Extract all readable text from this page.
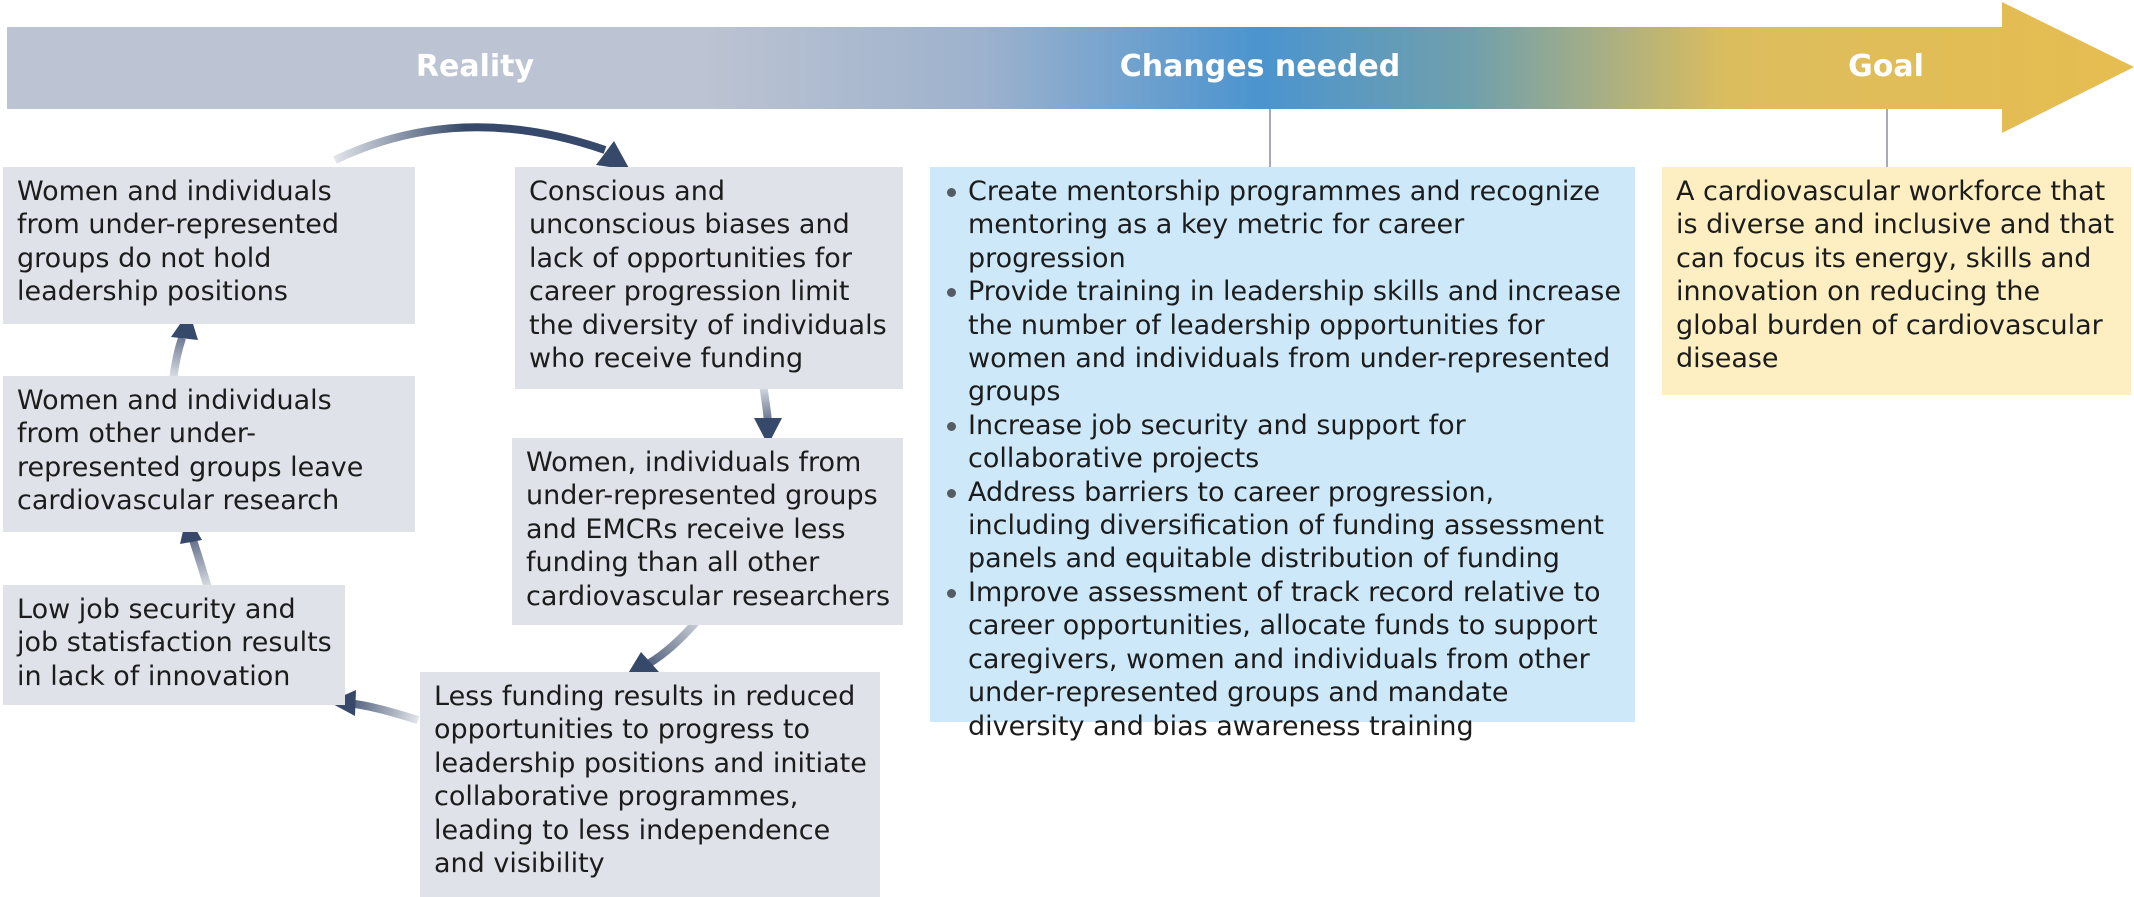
Reality	Changes needed	Goal
Women and individuals from under-represented groups do not hold leadership positions
Conscious and unconscious biases and lack of opportunities for career progression limit the diversity of individuals who receive funding
Women, individuals from under-represented groups and EMCRs receive less funding than all other cardiovascular researchers
Less funding results in reduced opportunities to progress to leadership positions and initiate collaborative programmes, leading to less independence and visibility
Low job security and job statisfaction results in lack of innovation
Women and individuals from other under-represented groups leave cardiovascular research
Create mentorship programmes and recognize mentoring as a key metric for career progression
Provide training in leadership skills and increase the number of leadership opportunities for women and individuals from under-represented groups
Increase job security and support for collaborative projects
Address barriers to career progression, including diversification of funding assessment panels and equitable distribution of funding
Improve assessment of track record relative to career opportunities, allocate funds to support caregivers, women and individuals from other under-represented groups and mandate diversity and bias awareness training
A cardiovascular workforce that is diverse and inclusive and that can focus its energy, skills and innovation on reducing the global burden of cardiovascular disease
